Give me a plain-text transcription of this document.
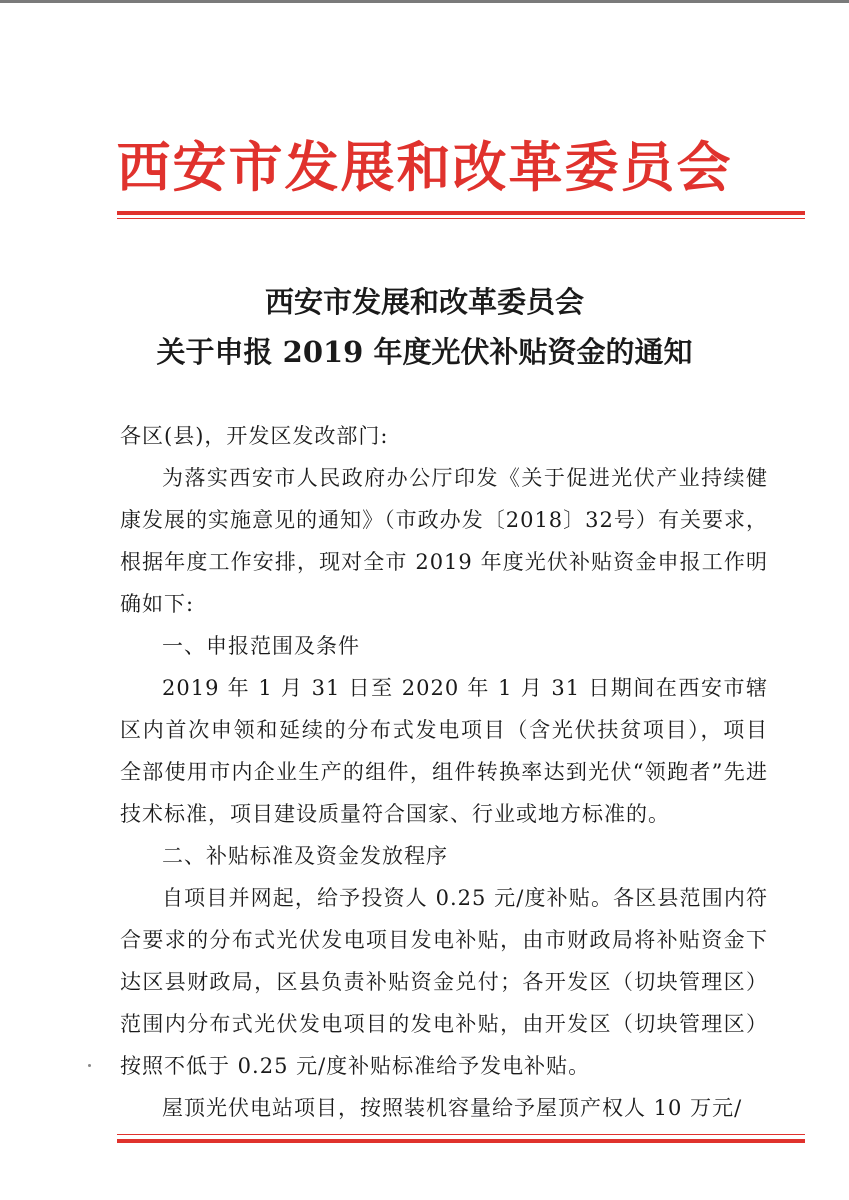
西安市发展和改革委员会
西安市发展和改革委员会
关于申报 2019 年度光伏补贴资金的通知

各区(县)，开发区发改部门:

为落实西安市人民政府办公厅印发《关于促进光伏产业持续健康发展的实施意见的通知》（市政办发〔2018〕32号）有关要求，根据年度工作安排，现对全市 2019 年度光伏补贴资金申报工作明确如下:

一、申报范围及条件

2019 年 1 月 31 日至 2020 年 1 月 31 日期间在西安市辖区内首次申领和延续的分布式发电项目（含光伏扶贫项目），项目全部使用市内企业生产的组件，组件转换率达到光伏“领跑者”先进技术标准，项目建设质量符合国家、行业或地方标准的。

二、补贴标准及资金发放程序

自项目并网起，给予投资人 0.25 元/度补贴。各区县范围内符合要求的分布式光伏发电项目发电补贴，由市财政局将补贴资金下达区县财政局，区县负责补贴资金兑付；各开发区（切块管理区）范围内分布式光伏发电项目的发电补贴，由开发区（切块管理区）按照不低于 0.25 元/度补贴标准给予发电补贴。

屋顶光伏电站项目，按照装机容量给予屋顶产权人 10 万元/
